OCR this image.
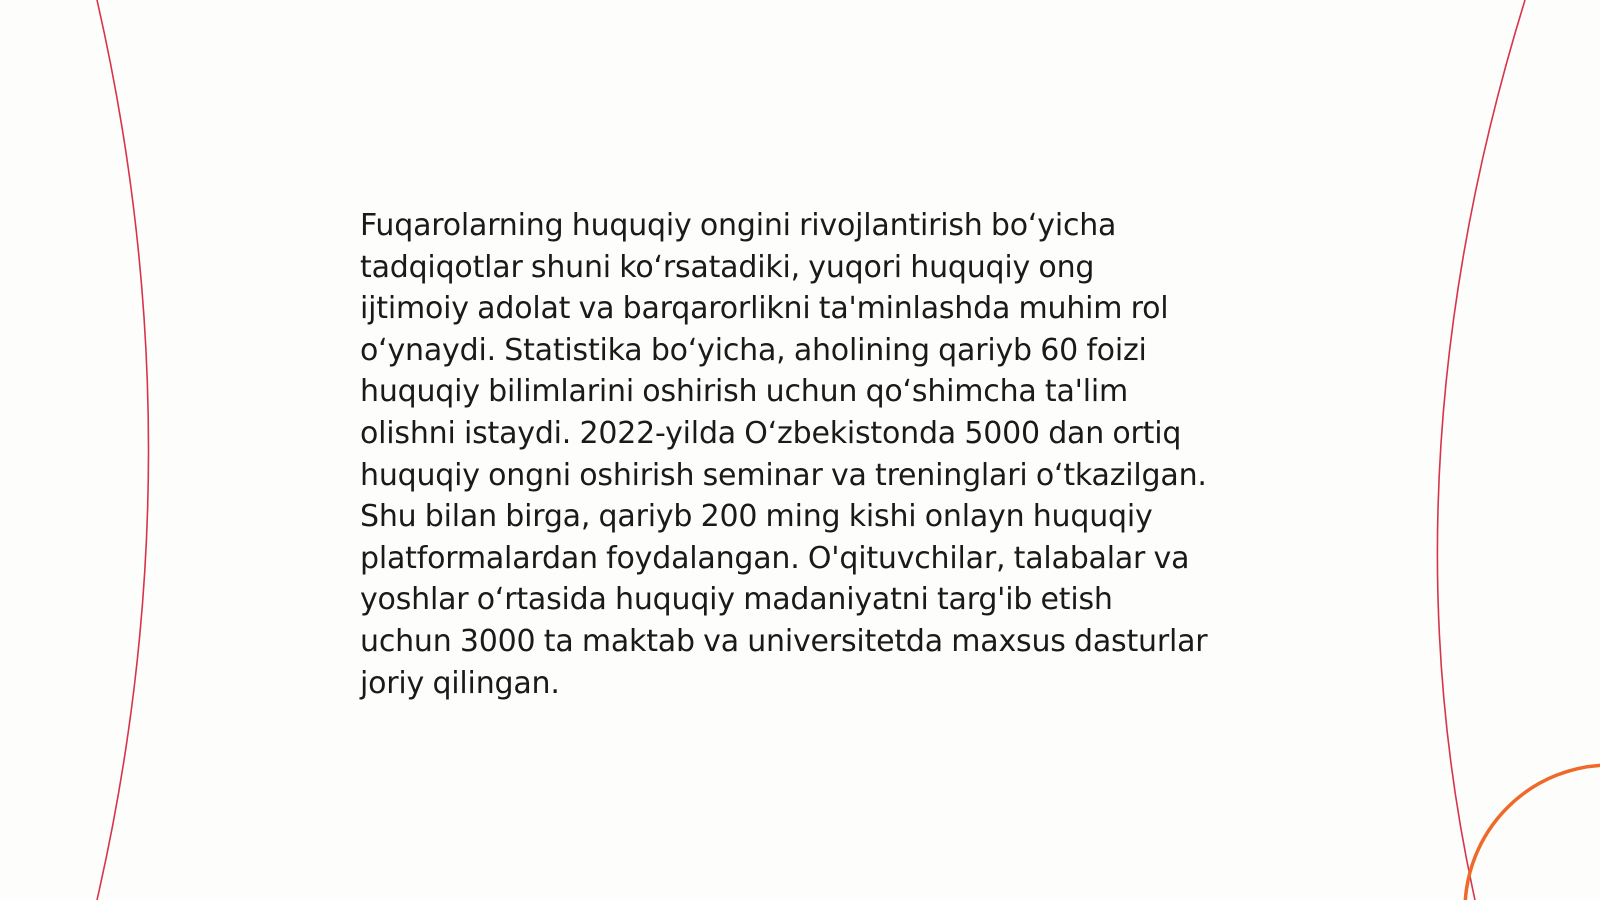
Fuqarolarning huquqiy ongini rivojlantirish bo‘yicha tadqiqotlar shuni ko‘rsatadiki, yuqori huquqiy ong ijtimoiy adolat va barqarorlikni ta'minlashda muhim rol o‘ynaydi. Statistika bo‘yicha, aholining qariyb 60 foizi huquqiy bilimlarini oshirish uchun qo‘shimcha ta'lim olishni istaydi. 2022-yilda O‘zbekistonda 5000 dan ortiq huquqiy ongni oshirish seminar va treninglari o‘tkazilgan. Shu bilan birga, qariyb 200 ming kishi onlayn huquqiy platformalardan foydalangan. O'qituvchilar, talabalar va yoshlar o‘rtasida huquqiy madaniyatni targ'ib etish uchun 3000 ta maktab va universitetda maxsus dasturlar joriy qilingan.
